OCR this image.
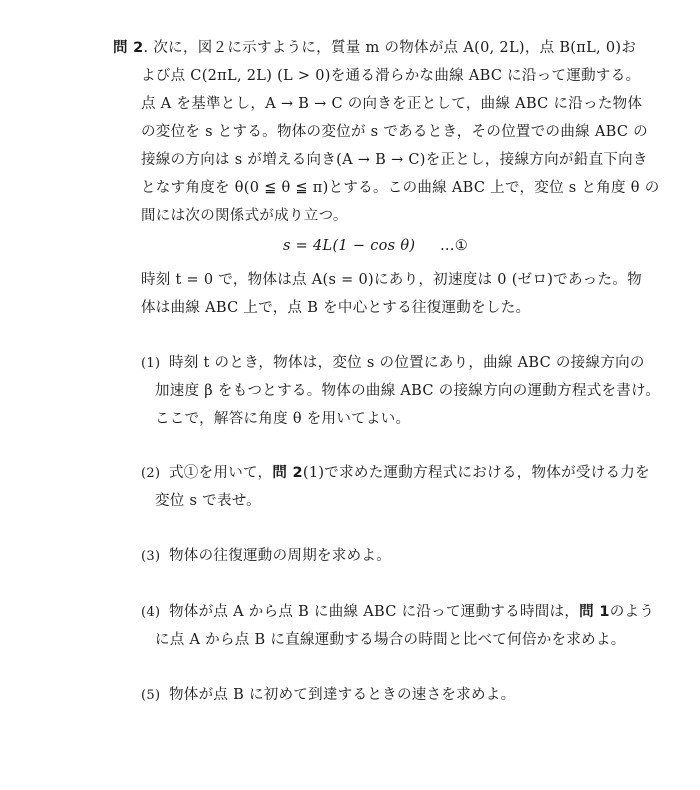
問 2. 次に，図２に示すように，質量 m の物体が点 A(0, 2L)，点 B(πL, 0)お
よび点 C(2πL, 2L) (L > 0)を通る滑らかな曲線 ABC に沿って運動する。
点 A を基準とし，A → B → C の向きを正として，曲線 ABC に沿った物体
の変位を s とする。物体の変位が s であるとき，その位置での曲線 ABC の
接線の方向は s が増える向き(A → B → C)を正とし，接線方向が鉛直下向き
となす角度を θ(0 ≦ θ ≦ π)とする。この曲線 ABC 上で，変位 s と角度 θ の
間には次の関係式が成り立つ。
s = 4L(1 − cos θ) …①
時刻 t = 0 で，物体は点 A(s = 0)にあり，初速度は 0 (ゼロ)であった。物
体は曲線 ABC 上で，点 B を中心とする往復運動をした。
(1) 時刻 t のとき，物体は，変位 s の位置にあり，曲線 ABC の接線方向の
加速度 β をもつとする。物体の曲線 ABC の接線方向の運動方程式を書け。
ここで，解答に角度 θ を用いてよい。
(2) 式①を用いて，問 2(1)で求めた運動方程式における，物体が受ける力を
変位 s で表せ。
(3) 物体の往復運動の周期を求めよ。
(4) 物体が点 A から点 B に曲線 ABC に沿って運動する時間は，問 1のよう
に点 A から点 B に直線運動する場合の時間と比べて何倍かを求めよ。
(5) 物体が点 B に初めて到達するときの速さを求めよ。
